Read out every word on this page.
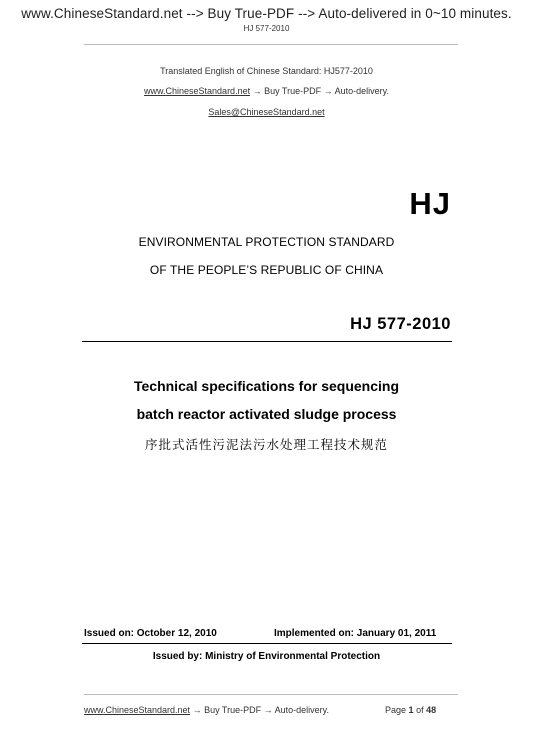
www.ChineseStandard.net --> Buy True-PDF --> Auto-delivered in 0~10 minutes.
HJ 577-2010
Translated English of Chinese Standard: HJ577-2010
www.ChineseStandard.net → Buy True-PDF → Auto-delivery.
Sales@ChineseStandard.net
HJ
ENVIRONMENTAL PROTECTION STANDARD
OF THE PEOPLE’S REPUBLIC OF CHINA
HJ 577-2010
Technical specifications for sequencing
batch reactor activated sludge process
序批式活性污泥法污水处理工程技术规范
Issued on: October 12, 2010	Implemented on: January 01, 2011
Issued by: Ministry of Environmental Protection
www.ChineseStandard.net → Buy True-PDF → Auto-delivery.	Page 1 of 48
